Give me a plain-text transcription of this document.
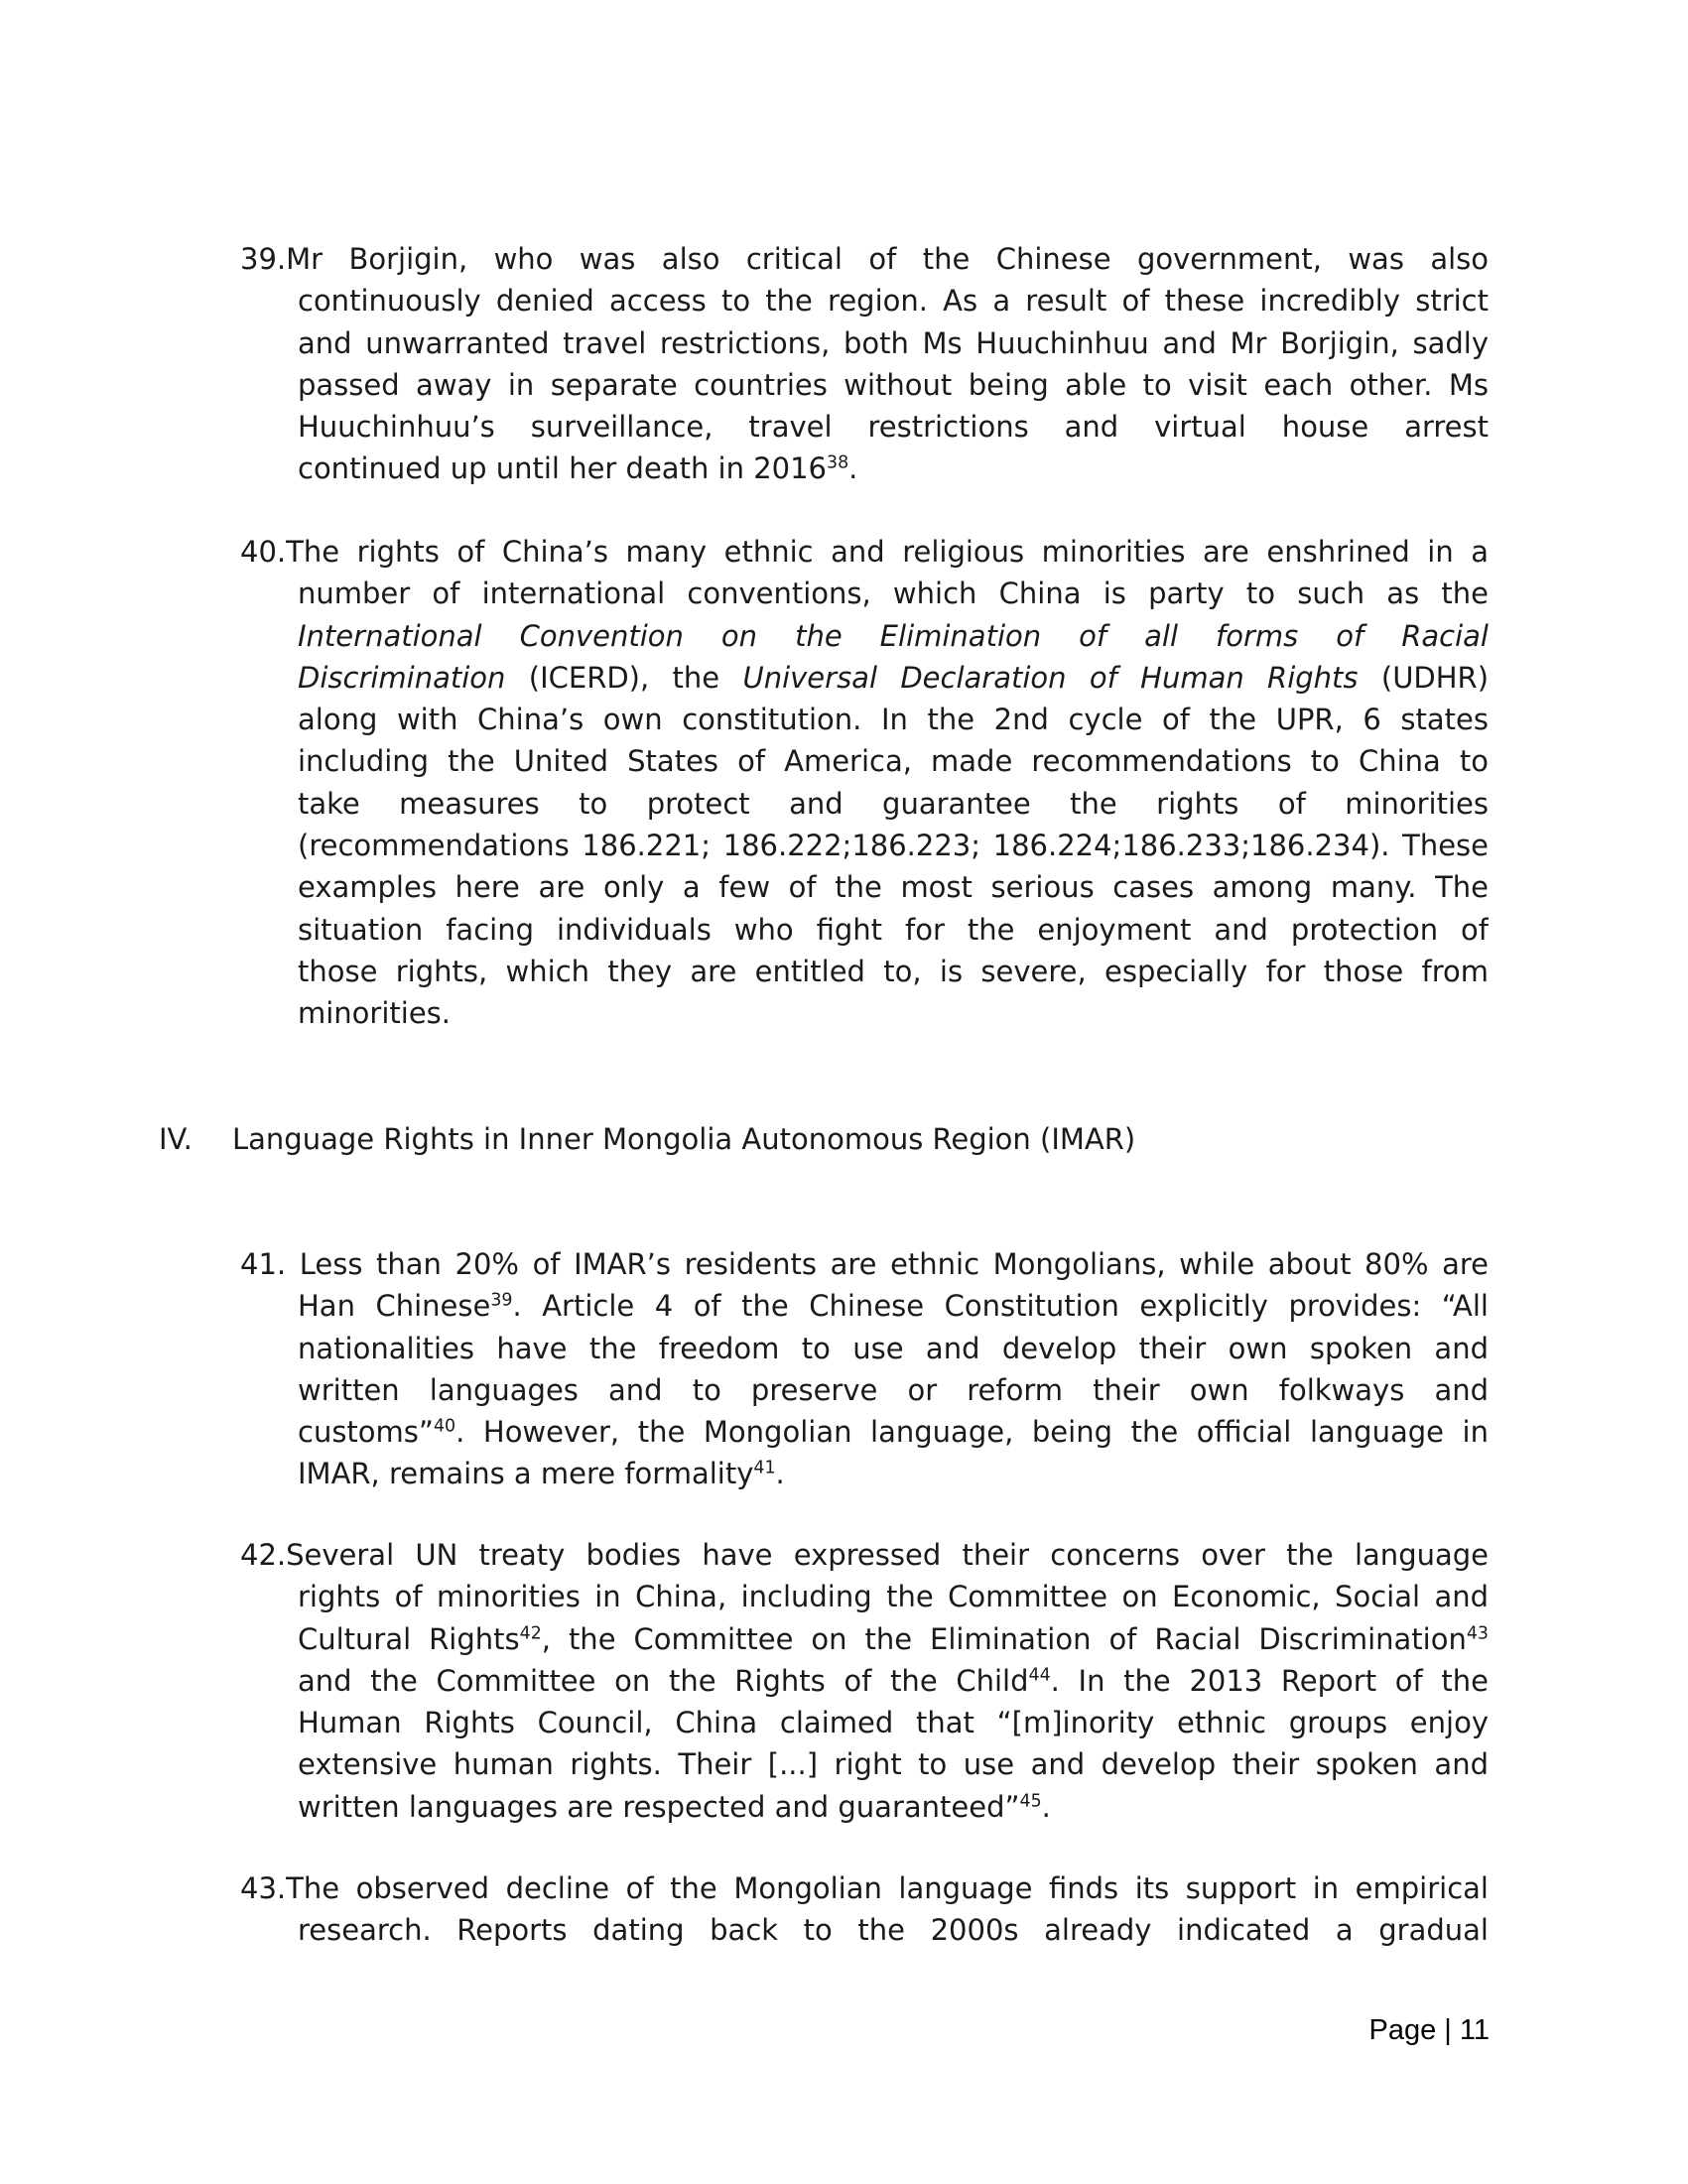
39.Mr Borjigin, who was also critical of the Chinese government, was also
continuously denied access to the region. As a result of these incredibly strict
and unwarranted travel restrictions, both Ms Huuchinhuu and Mr Borjigin, sadly
passed away in separate countries without being able to visit each other. Ms
Huuchinhuu’s surveillance, travel restrictions and virtual house arrest
continued up until her death in 2016$^{38}$.
40.The rights of China’s many ethnic and religious minorities are enshrined in a
number of international conventions, which China is party to such as the
International Convention on the Elimination of all forms of Racial
Discrimination (ICERD), the Universal Declaration of Human Rights (UDHR)
along with China’s own constitution. In the 2nd cycle of the UPR, 6 states
including the United States of America, made recommendations to China to
take measures to protect and guarantee the rights of minorities
(recommendations 186.221; 186.222;186.223; 186.224;186.233;186.234). These
examples here are only a few of the most serious cases among many. The
situation facing individuals who fight for the enjoyment and protection of
those rights, which they are entitled to, is severe, especially for those from
minorities.
IV. Language Rights in Inner Mongolia Autonomous Region (IMAR)
41. Less than 20% of IMAR’s residents are ethnic Mongolians, while about 80% are
Han Chinese$^{39}$. Article 4 of the Chinese Constitution explicitly provides: “All
nationalities have the freedom to use and develop their own spoken and
written languages and to preserve or reform their own folkways and
customs”$^{40}$. However, the Mongolian language, being the official language in
IMAR, remains a mere formality$^{41}$.
42.Several UN treaty bodies have expressed their concerns over the language
rights of minorities in China, including the Committee on Economic, Social and
Cultural Rights$^{42}$, the Committee on the Elimination of Racial Discrimination$^{43}$
and the Committee on the Rights of the Child$^{44}$. In the 2013 Report of the
Human Rights Council, China claimed that “[m]inority ethnic groups enjoy
extensive human rights. Their [...] right to use and develop their spoken and
written languages are respected and guaranteed”$^{45}$.
43.The observed decline of the Mongolian language finds its support in empirical
research. Reports dating back to the 2000s already indicated a gradual
Page | 11
